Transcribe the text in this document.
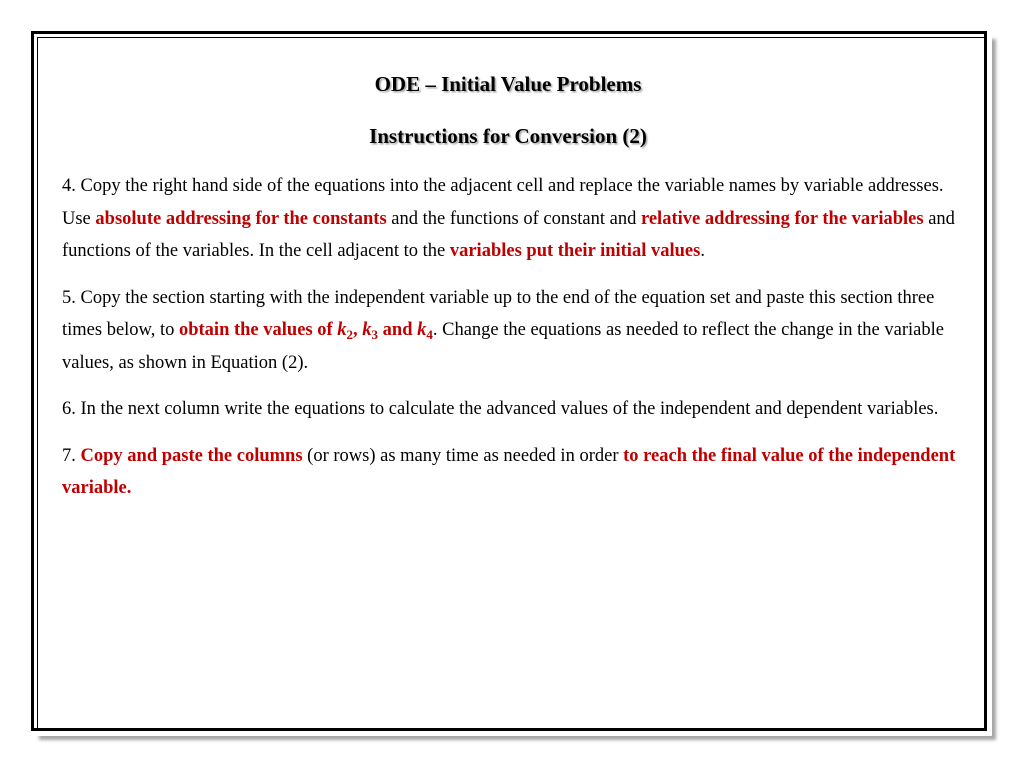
ODE – Initial Value Problems
Instructions for Conversion (2)

4. Copy the right hand side of the equations into the adjacent cell and replace the variable names by variable addresses. Use absolute addressing for the constants and the functions of constant and relative addressing for the variables and functions of the variables. In the cell adjacent to the variables put their initial values.

5. Copy the section starting with the independent variable up to the end of the equation set and paste this section three times below, to obtain the values of $k_2$, $k_3$ and $k_4$. Change the equations as needed to reflect the change in the variable values, as shown in Equation (2).

6. In the next column write the equations to calculate the advanced values of the independent and dependent variables.

7. Copy and paste the columns (or rows) as many time as needed in order to reach the final value of the independent variable.
